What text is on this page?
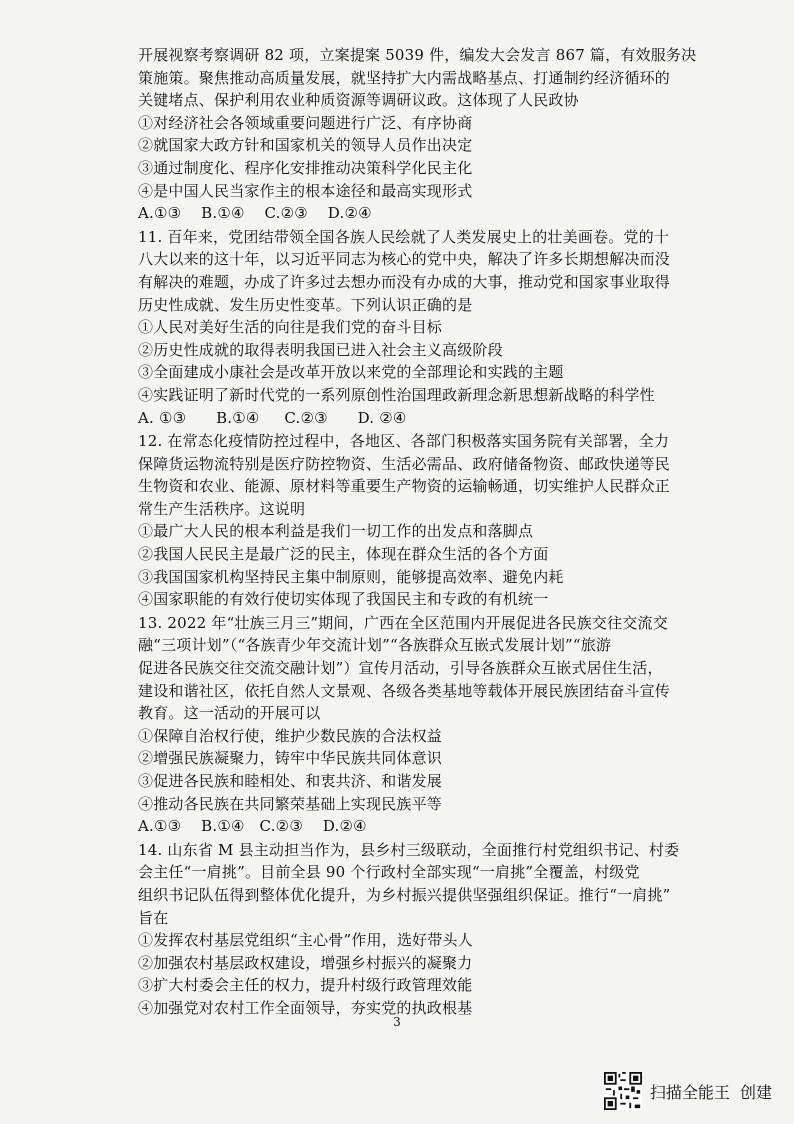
开展视察考察调研 82 项，立案提案 5039 件，编发大会发言 867 篇，有效服务决
策施策。聚焦推动高质量发展，就坚持扩大内需战略基点、打通制约经济循环的
关键堵点、保护利用农业种质资源等调研议政。这体现了人民政协
①对经济社会各领域重要问题进行广泛、有序协商
②就国家大政方针和国家机关的领导人员作出决定
③通过制度化、程序化安排推动决策科学化民主化
④是中国人民当家作主的根本途径和最高实现形式
A.①③    B.①④    C.②③    D.②④
11. 百年来，党团结带领全国各族人民绘就了人类发展史上的壮美画卷。党的十
八大以来的这十年，以习近平同志为核心的党中央，解决了许多长期想解决而没
有解决的难题，办成了许多过去想办而没有办成的大事，推动党和国家事业取得
历史性成就、发生历史性变革。下列认识正确的是
①人民对美好生活的向往是我们党的奋斗目标
②历史性成就的取得表明我国已进入社会主义高级阶段
③全面建成小康社会是改革开放以来党的全部理论和实践的主题
④实践证明了新时代党的一系列原创性治国理政新理念新思想新战略的科学性
A. ①③      B.①④     C.②③      D. ②④
12. 在常态化疫情防控过程中，各地区、各部门积极落实国务院有关部署，全力
保障货运物流特别是医疗防控物资、生活必需品、政府储备物资、邮政快递等民
生物资和农业、能源、原材料等重要生产物资的运输畅通，切实维护人民群众正
常生产生活秩序。这说明
①最广大人民的根本利益是我们一切工作的出发点和落脚点
②我国人民民主是最广泛的民主，体现在群众生活的各个方面
③我国国家机构坚持民主集中制原则，能够提高效率、避免内耗
④国家职能的有效行使切实体现了我国民主和专政的有机统一
13. 2022 年“壮族三月三”期间，广西在全区范围内开展促进各民族交往交流交
融“三项计划”（“各族青少年交流计划”“各族群众互嵌式发展计划”“旅游
促进各民族交往交流交融计划”）宣传月活动，引导各族群众互嵌式居住生活，
建设和谐社区，依托自然人文景观、各级各类基地等载体开展民族团结奋斗宣传
教育。这一活动的开展可以
①保障自治权行使，维护少数民族的合法权益
②增强民族凝聚力，铸牢中华民族共同体意识
③促进各民族和睦相处、和衷共济、和谐发展
④推动各民族在共同繁荣基础上实现民族平等
A.①③    B.①④   C.②③    D.②④
14. 山东省 M 县主动担当作为，县乡村三级联动，全面推行村党组织书记、村委
会主任“一肩挑”。目前全县 90 个行政村全部实现“一肩挑”全覆盖，村级党
组织书记队伍得到整体优化提升，为乡村振兴提供坚强组织保证。推行“一肩挑”
旨在
①发挥农村基层党组织“主心骨”作用，选好带头人
②加强农村基层政权建设，增强乡村振兴的凝聚力
③扩大村委会主任的权力，提升村级行政管理效能
④加强党对农村工作全面领导，夯实党的执政根基
3
扫描全能王  创建
